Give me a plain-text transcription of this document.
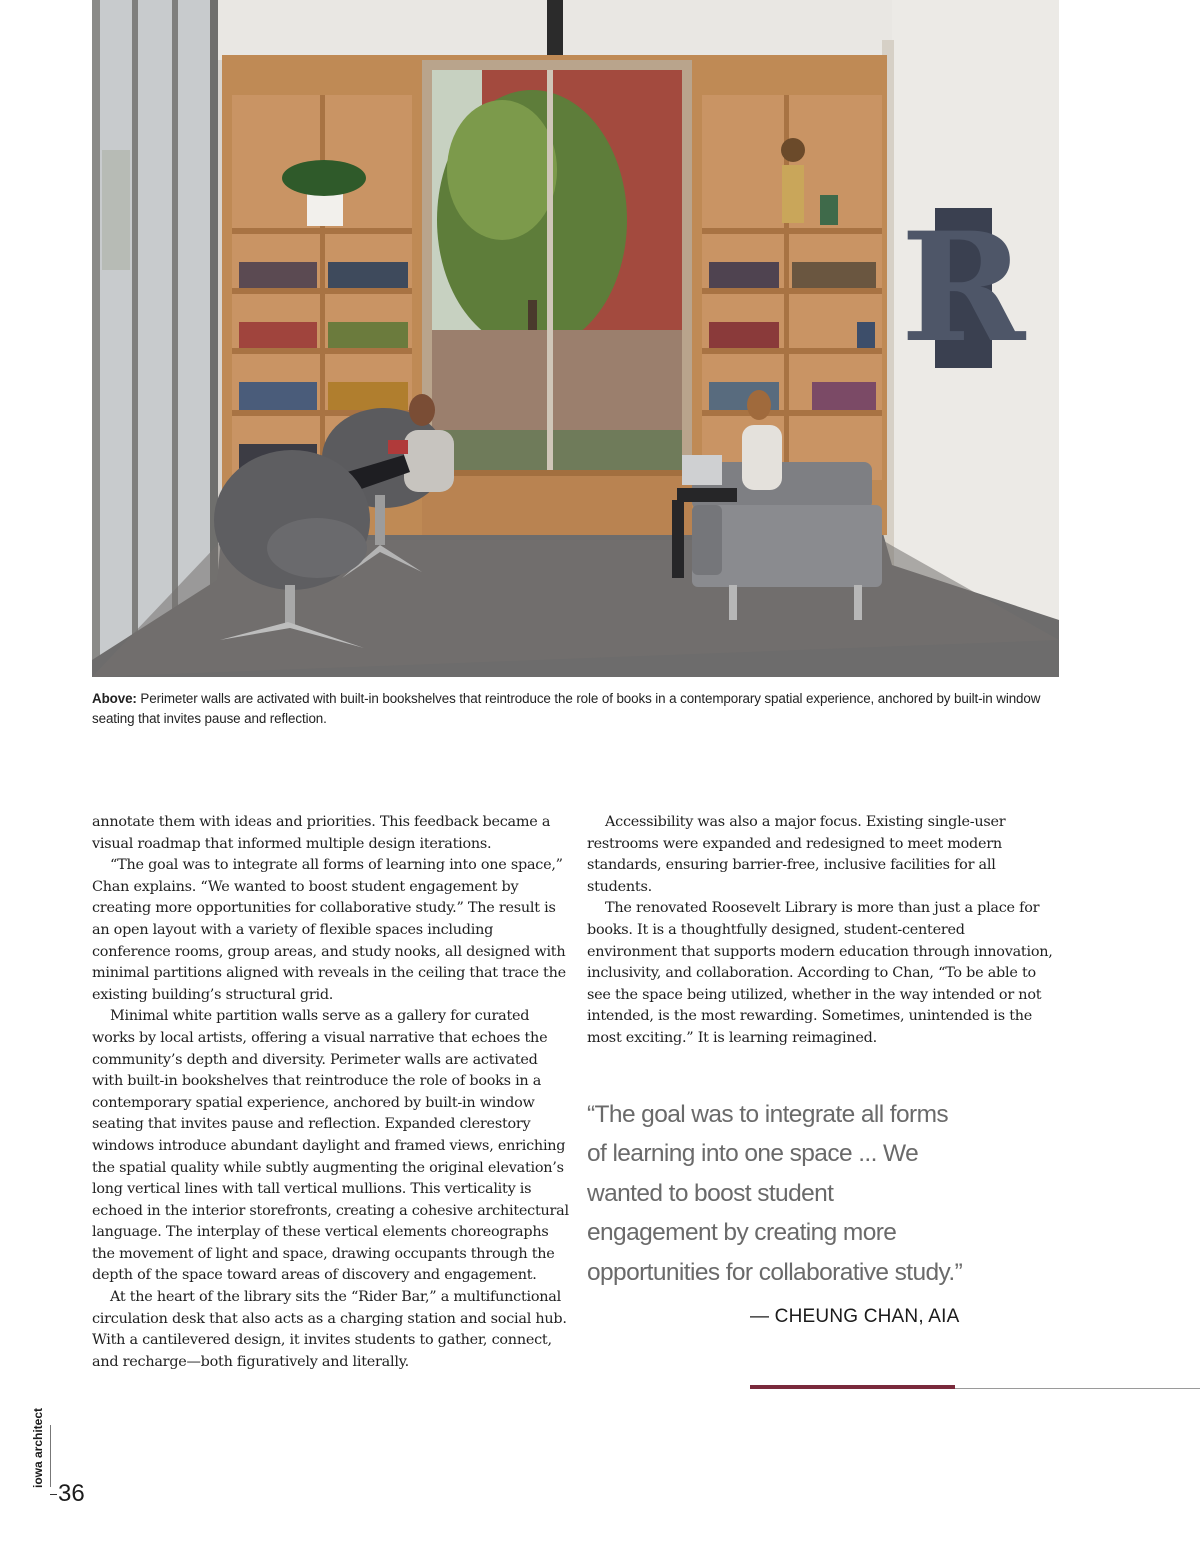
R

Above: Perimeter walls are activated with built-in bookshelves that reintroduce the role of books in a contemporary spatial experience, anchored by built-in window seating that invites pause and reflection.

annotate them with ideas and priorities. This feedback became a visual roadmap that informed multiple design iterations.

“The goal was to integrate all forms of learning into one space,” Chan explains. “We wanted to boost student engagement by creating more opportunities for collaborative study.” The result is an open layout with a variety of flexible spaces including conference rooms, group areas, and study nooks, all designed with minimal partitions aligned with reveals in the ceiling that trace the existing building’s structural grid.

Minimal white partition walls serve as a gallery for curated works by local artists, offering a visual narrative that echoes the community’s depth and diversity. Perimeter walls are activated with built-in bookshelves that reintroduce the role of books in a contemporary spatial experience, anchored by built-in window seating that invites pause and reflection. Expanded clerestory windows introduce abundant daylight and framed views, enriching the spatial quality while subtly augmenting the original elevation’s long vertical lines with tall vertical mullions. This verticality is echoed in the interior storefronts, creating a cohesive architectural language. The interplay of these vertical elements choreographs the movement of light and space, drawing occupants through the depth of the space toward areas of discovery and engagement.

At the heart of the library sits the “Rider Bar,” a multifunctional circulation desk that also acts as a charging station and social hub. With a cantilevered design, it invites students to gather, connect, and recharge—both figuratively and literally.

Accessibility was also a major focus. Existing single-user restrooms were expanded and redesigned to meet modern standards, ensuring barrier-free, inclusive facilities for all students.

The renovated Roosevelt Library is more than just a place for books. It is a thoughtfully designed, student-centered environment that supports modern education through innovation, inclusivity, and collaboration. According to Chan, “To be able to see the space being utilized, whether in the way intended or not intended, is the most rewarding. Sometimes, unintended is the most exciting.” It is learning reimagined.

“The goal was to integrate all forms of learning into one space ... We wanted to boost student engagement by creating more opportunities for collaborative study.”
— CHEUNG CHAN, AIA
iowa architect
36
